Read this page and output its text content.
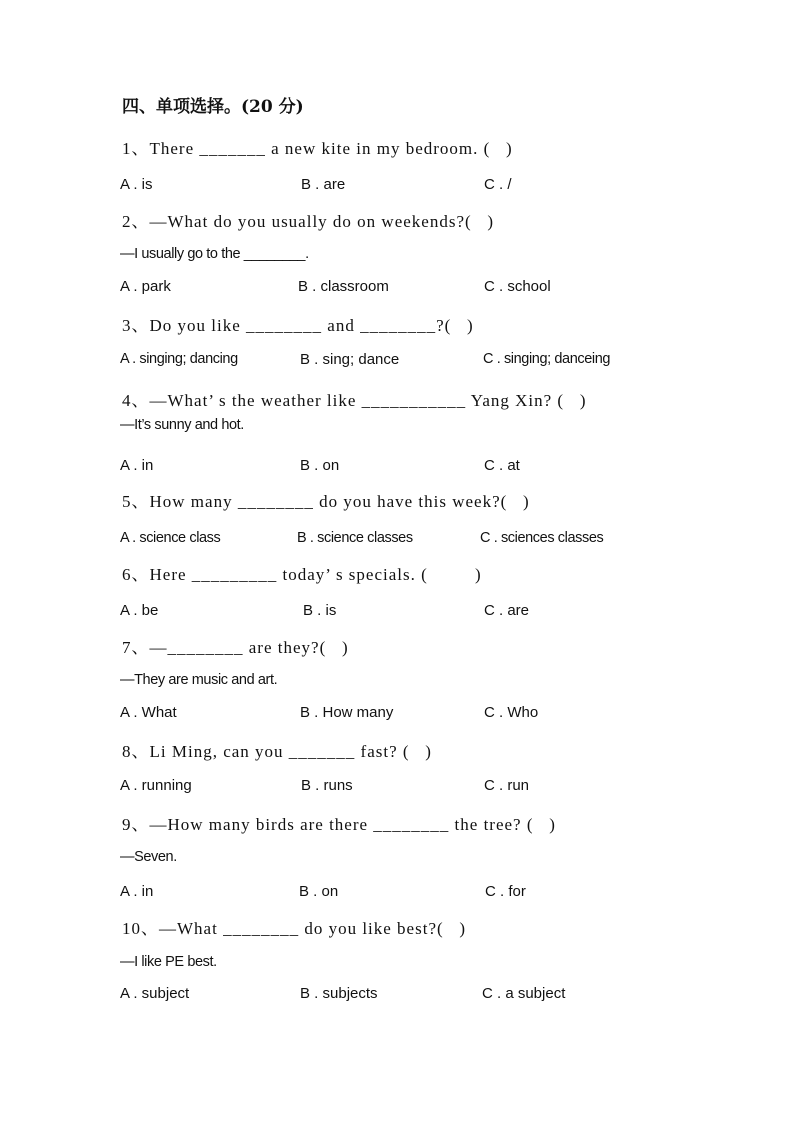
四、单项选择。(20 分)
1、There _______ a new kite in my bedroom. (   )
A . is	B . are	C . /
2、—What do you usually do on weekends?(   )
—I usually go to the ________.
A . park	B . classroom	C . school
3、Do you like ________ and ________?(   )
A . singing; dancing	B . sing; dance	C . singing; danceing
4、—What’ s the weather like ___________ Yang Xin? (   )
—It’s sunny and hot.
A . in	B . on	C . at
5、How many ________ do you have this week?(   )
A . science class	B . science classes	C . sciences classes
6、Here _________ today’ s specials. (         )
A . be	B . is	C . are
7、—________ are they?(   )
—They are music and art.
A . What	B . How many	C . Who
8、Li Ming, can you _______ fast? (   )
A . running	B . runs	C . run
9、—How many birds are there ________ the tree? (   )
—Seven.
A . in	B . on	C . for
10、—What ________ do you like best?(   )
—I like PE best.
A . subject	B . subjects	C . a subject
